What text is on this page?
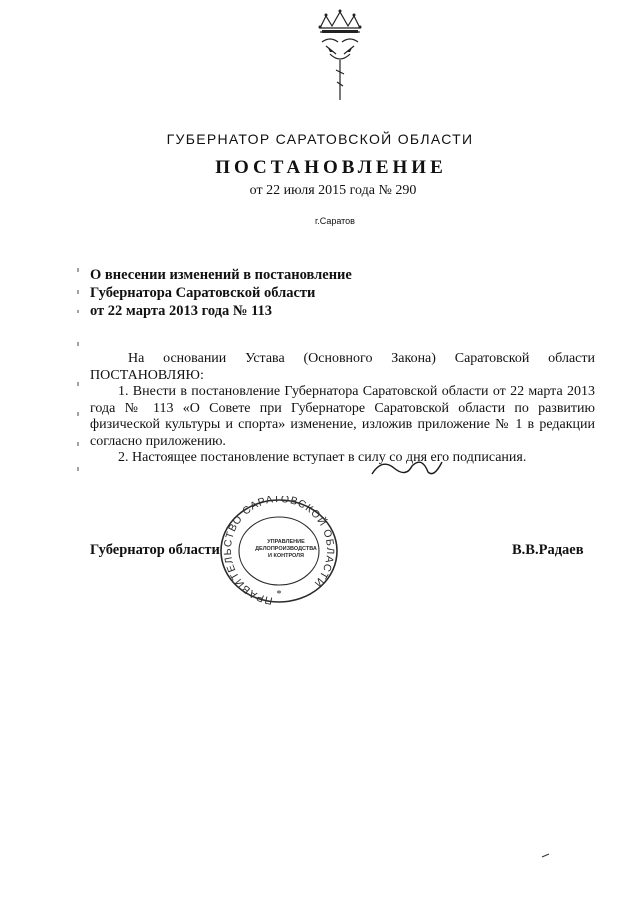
ГУБЕРНАТОР САРАТОВСКОЙ ОБЛАСТИ
ПОСТАНОВЛЕНИЕ
от 22 июля 2015 года № 290
г.Саратов
О внесении изменений в постановление
Губернатора Саратовской области
от 22 марта 2013 года № 113
На основании Устава (Основного Закона) Саратовской области ПОСТАНОВЛЯЮ:
1. Внести в постановление Губернатора Саратовской области от 22 марта 2013 года № 113 «О Совете при Губернаторе Саратовской области по развитию физической культуры и спорта» изменение, изложив приложение № 1 в редакции согласно приложению.
2. Настоящее постановление вступает в силу со дня его подписания.
Губернатор области	В.В.Радаев
ПРАВИТЕЛЬСТВО САРАТОВСКОЙ ОБЛАСТИ
УПРАВЛЕНИЕ
ДЕЛОПРОИЗВОДСТВА
И КОНТРОЛЯ
*
